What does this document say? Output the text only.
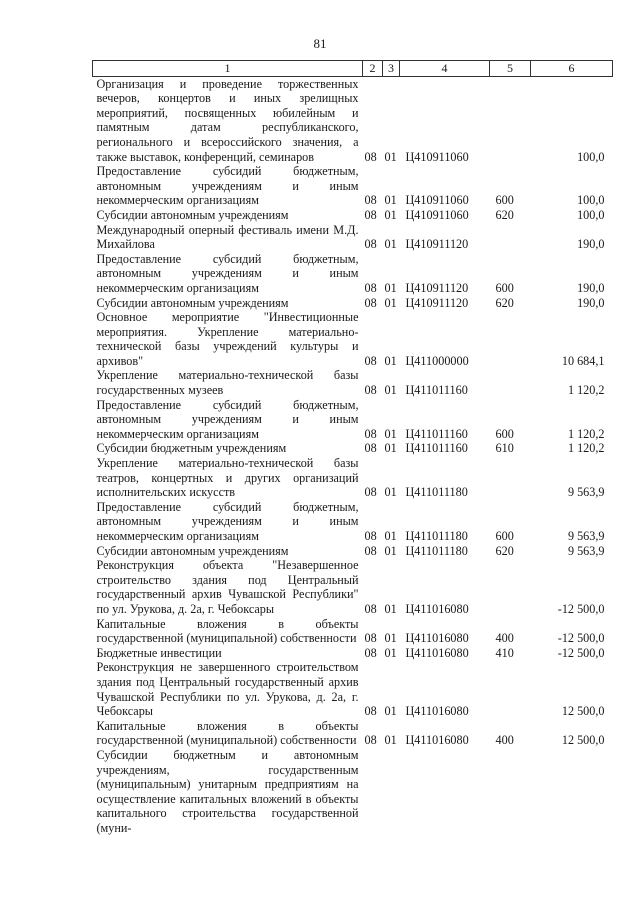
81
1	2	3	4	5	6
Организация и проведение торжественных вечеров, концертов и иных зрелищных мероприятий, посвященных юбилейным и памятным датам республиканского, регионального и всероссийского значения, а также выставок, конференций, семинаров	08	01	Ц410911060		100,0
Предоставление субсидий бюджетным, автономным учреждениям и иным некоммерческим организациям	08	01	Ц410911060	600	100,0
Субсидии автономным учреждениям	08	01	Ц410911060	620	100,0
Международный оперный фестиваль имени М.Д. Михайлова	08	01	Ц410911120		190,0
Предоставление субсидий бюджетным, автономным учреждениям и иным некоммерческим организациям	08	01	Ц410911120	600	190,0
Субсидии автономным учреждениям	08	01	Ц410911120	620	190,0
Основное мероприятие "Инвестиционные мероприятия. Укрепление материально-технической базы учреждений культуры и архивов"	08	01	Ц411000000		10 684,1
Укрепление материально-технической базы государственных музеев	08	01	Ц411011160		1 120,2
Предоставление субсидий бюджетным, автономным учреждениям и иным некоммерческим организациям	08	01	Ц411011160	600	1 120,2
Субсидии бюджетным учреждениям	08	01	Ц411011160	610	1 120,2
Укрепление материально-технической базы театров, концертных и других организаций исполнительских искусств	08	01	Ц411011180		9 563,9
Предоставление субсидий бюджетным, автономным учреждениям и иным некоммерческим организациям	08	01	Ц411011180	600	9 563,9
Субсидии автономным учреждениям	08	01	Ц411011180	620	9 563,9
Реконструкция объекта "Незавершенное строительство здания под Центральный государственный архив Чувашской Республики" по ул. Урукова, д. 2а, г. Чебоксары	08	01	Ц411016080		-12 500,0
Капитальные вложения в объекты государственной (муниципальной) собственности	08	01	Ц411016080	400	-12 500,0
Бюджетные инвестиции	08	01	Ц411016080	410	-12 500,0
Реконструкция не завершенного строительством здания под Центральный государственный архив Чувашской Республики по ул. Урукова, д. 2а, г. Чебоксары	08	01	Ц411016080		12 500,0
Капитальные вложения в объекты государственной (муниципальной) собственности	08	01	Ц411016080	400	12 500,0
Субсидии бюджетным и автономным учреждениям, государственным (муниципальным) унитарным предприятиям на осуществление капитальных вложений в объекты капитального строительства государственной (муни-					
